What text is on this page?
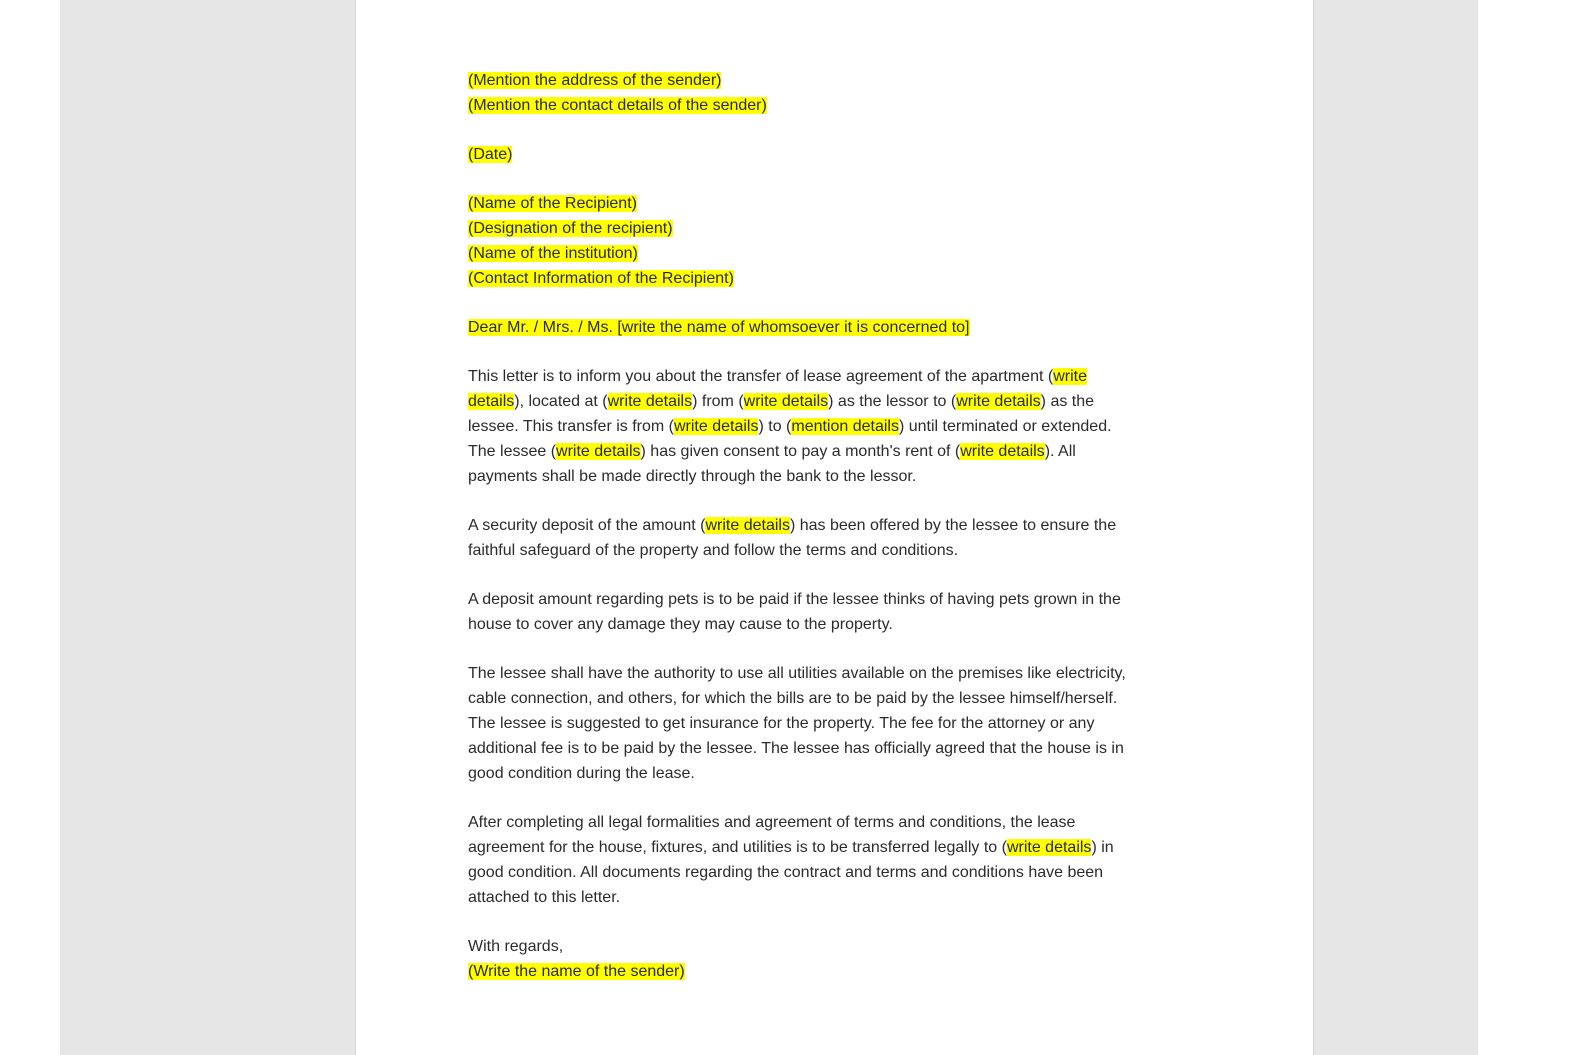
(Mention the address of the sender)
(Mention the contact details of the sender)
(Date)
(Name of the Recipient)
(Designation of the recipient)
(Name of the institution)
(Contact Information of the Recipient)
Dear Mr. / Mrs. / Ms. [write the name of whomsoever it is concerned to]
This letter is to inform you about the transfer of lease agreement of the apartment (write
details), located at (write details) from (write details) as the lessor to (write details) as the
lessee. This transfer is from (write details) to (mention details) until terminated or extended.
The lessee (write details) has given consent to pay a month's rent of (write details). All
payments shall be made directly through the bank to the lessor.
A security deposit of the amount (write details) has been offered by the lessee to ensure the
faithful safeguard of the property and follow the terms and conditions.
A deposit amount regarding pets is to be paid if the lessee thinks of having pets grown in the
house to cover any damage they may cause to the property.
The lessee shall have the authority to use all utilities available on the premises like electricity,
cable connection, and others, for which the bills are to be paid by the lessee himself/herself.
The lessee is suggested to get insurance for the property. The fee for the attorney or any
additional fee is to be paid by the lessee. The lessee has officially agreed that the house is in
good condition during the lease.
After completing all legal formalities and agreement of terms and conditions, the lease
agreement for the house, fixtures, and utilities is to be transferred legally to (write details) in
good condition. All documents regarding the contract and terms and conditions have been
attached to this letter.
With regards,
(Write the name of the sender)
